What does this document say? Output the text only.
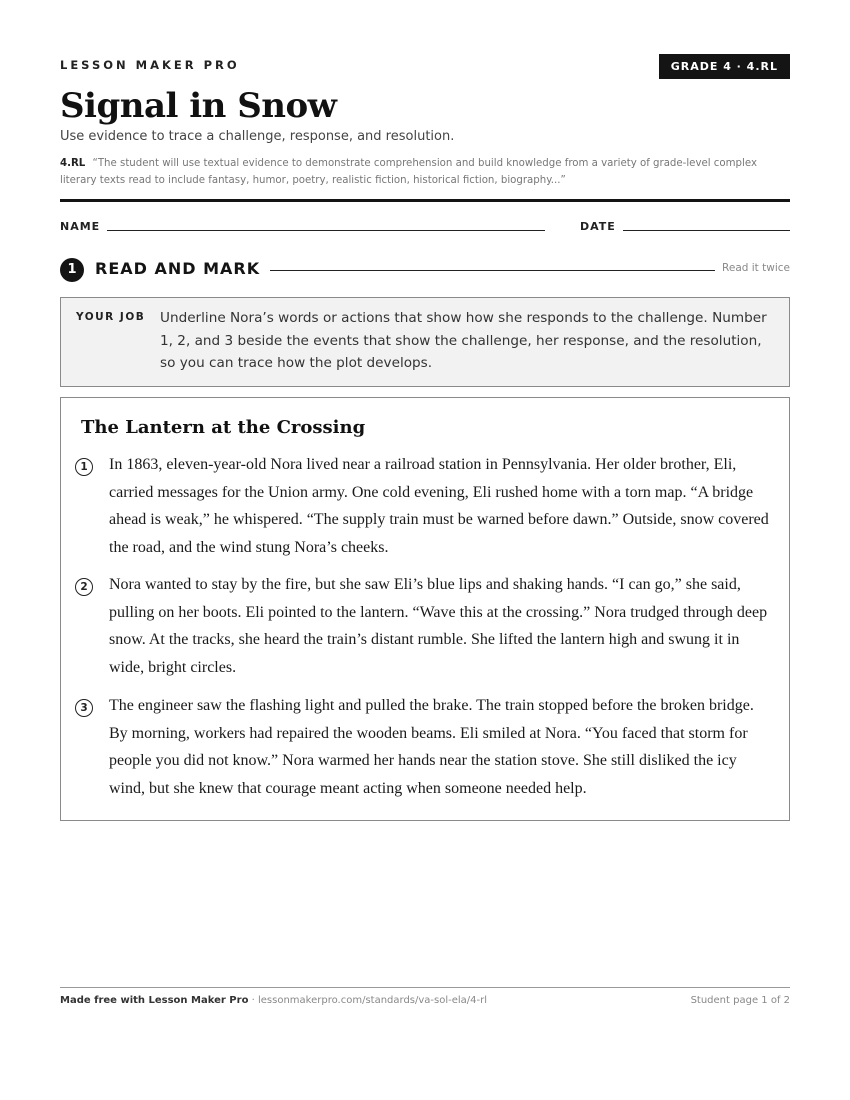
LESSON MAKER PRO	GRADE 4 · 4.RL
Signal in Snow
Use evidence to trace a challenge, response, and resolution.
4.RL “The student will use textual evidence to demonstrate comprehension and build knowledge from a variety of grade-level complex literary texts read to include fantasy, humor, poetry, realistic fiction, historical fiction, biography...”
NAME	DATE
1	READ AND MARK	Read it twice
YOUR JOB Underline Nora’s words or actions that show how she responds to the challenge. Number 1, 2, and 3 beside the events that show the challenge, her response, and the resolution, so you can trace how the plot develops.
The Lantern at the Crossing
1	In 1863, eleven-year-old Nora lived near a railroad station in Pennsylvania. Her older brother, Eli, carried messages for the Union army. One cold evening, Eli rushed home with a torn map. “A bridge ahead is weak,” he whispered. “The supply train must be warned before dawn.” Outside, snow covered the road, and the wind stung Nora’s cheeks.

2	Nora wanted to stay by the fire, but she saw Eli’s blue lips and shaking hands. “I can go,” she said, pulling on her boots. Eli pointed to the lantern. “Wave this at the crossing.” Nora trudged through deep snow. At the tracks, she heard the train’s distant rumble. She lifted the lantern high and swung it in wide, bright circles.

3	The engineer saw the flashing light and pulled the brake. The train stopped before the broken bridge. By morning, workers had repaired the wooden beams. Eli smiled at Nora. “You faced that storm for people you did not know.” Nora warmed her hands near the station stove. She still disliked the icy wind, but she knew that courage meant acting when someone needed help.

Made free with Lesson Maker Pro · lessonmakerpro.com/standards/va-sol-ela/4-rl	Student page 1 of 2
